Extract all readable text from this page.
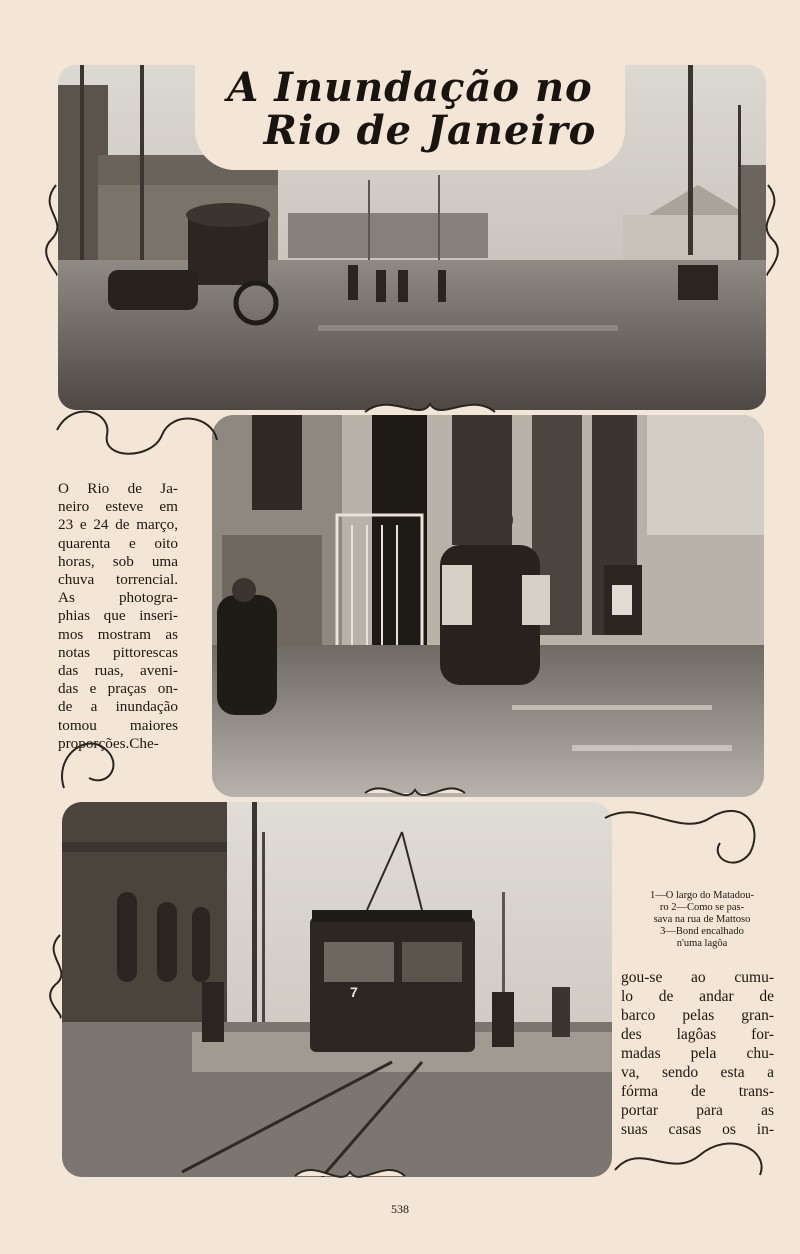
A Inundação no
Rio de Janeiro
7
O Rio de Ja-
neiro esteve em
23 e 24 de março,
quarenta e oito
horas, sob uma
chuva torrencial.
As photogra-
phias que inseri-
mos mostram as
notas pittorescas
das ruas, aveni-
das e praças on-
de a inundação
tomou maiores
proporções.Che-
gou-se ao cumu-
lo de andar de
barco pelas gran-
des lagôas for-
madas pela chu-
va, sendo esta a
fórma de trans-
portar para as
suas casas os in-
1—O largo do Matadou-
ro 2—Como se pas-
sava na rua de Mattoso
3—Bond encalhado
n'uma lagôa
538
